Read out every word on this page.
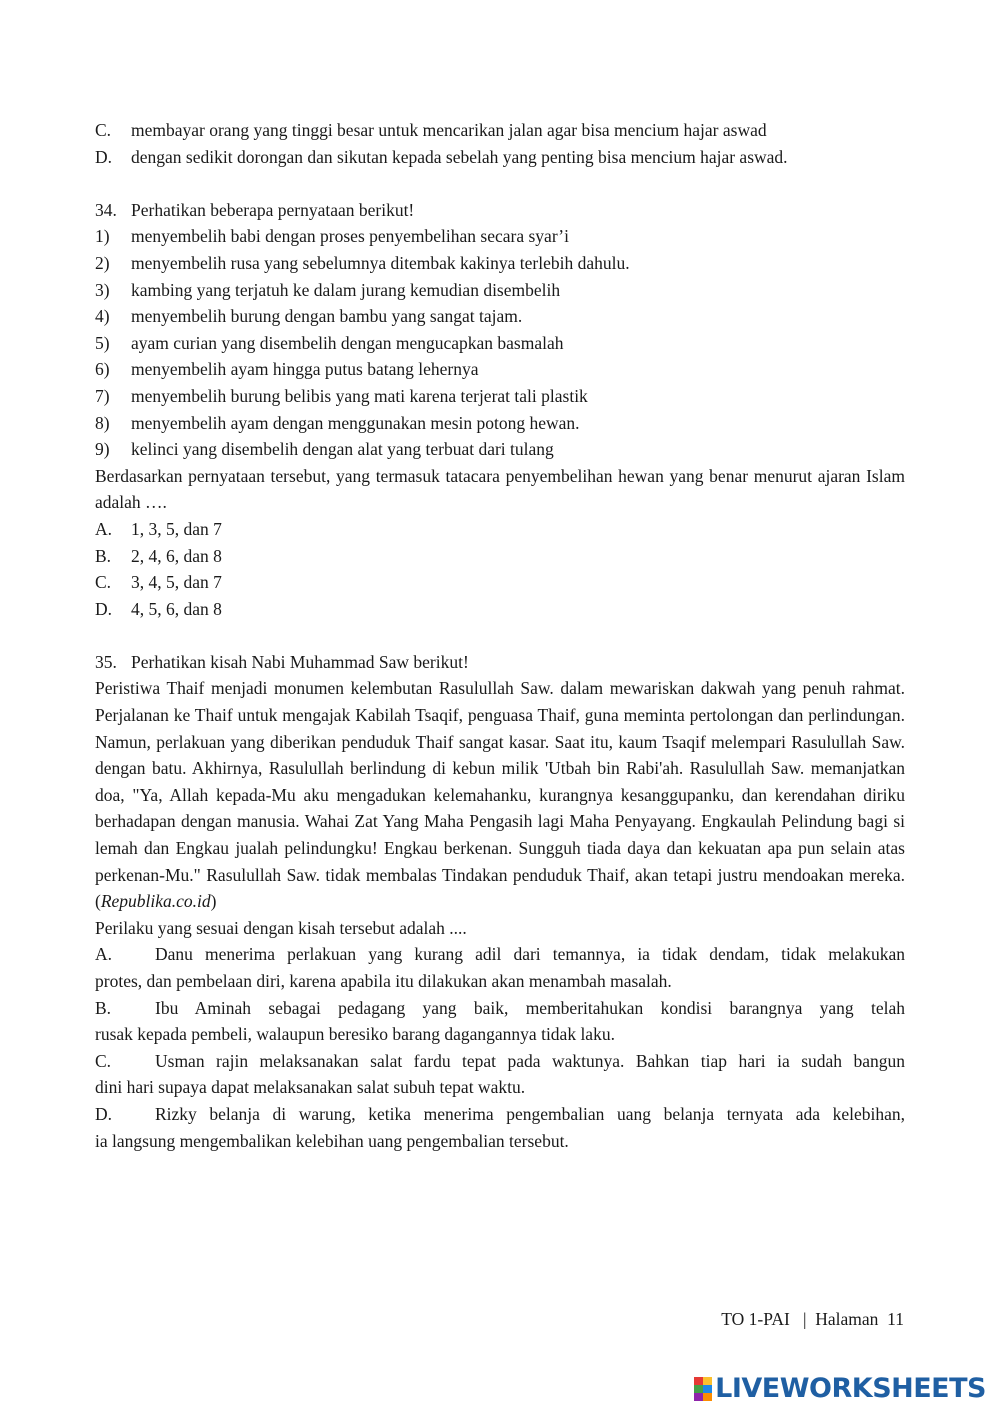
C.	membayar orang yang tinggi besar untuk mencarikan jalan agar bisa mencium hajar aswad
D.	dengan sedikit dorongan dan sikutan kepada sebelah yang penting bisa mencium hajar aswad.
34. Perhatikan beberapa pernyataan berikut!
1)	menyembelih babi dengan proses penyembelihan secara syar’i
2)	menyembelih rusa yang sebelumnya ditembak kakinya terlebih dahulu.
3)	kambing yang terjatuh ke dalam jurang kemudian disembelih
4)	menyembelih burung dengan bambu yang sangat tajam.
5)	ayam curian yang disembelih dengan mengucapkan basmalah
6)	menyembelih ayam hingga putus batang lehernya
7)	menyembelih burung belibis yang mati karena terjerat tali plastik
8)	menyembelih ayam dengan menggunakan mesin potong hewan.
9)	kelinci yang disembelih dengan alat yang terbuat dari tulang
Berdasarkan pernyataan tersebut, yang termasuk tatacara penyembelihan hewan yang benar menurut ajaran Islam adalah ….
A.	1, 3, 5, dan 7
B.	2, 4, 6, dan 8
C.	3, 4, 5, dan 7
D.	4, 5, 6, dan 8
35. Perhatikan kisah Nabi Muhammad Saw berikut!
Peristiwa Thaif menjadi monumen kelembutan Rasulullah Saw. dalam mewariskan dakwah yang penuh rahmat. Perjalanan ke Thaif untuk mengajak Kabilah Tsaqif, penguasa Thaif, guna meminta pertolongan dan perlindungan. Namun, perlakuan yang diberikan penduduk Thaif sangat kasar. Saat itu, kaum Tsaqif melempari Rasulullah Saw. dengan batu. Akhirnya, Rasulullah berlindung di kebun milik 'Utbah bin Rabi'ah. Rasulullah Saw. memanjatkan doa, "Ya, Allah kepada-Mu aku mengadukan kelemahanku, kurangnya kesanggupanku, dan kerendahan diriku berhadapan dengan manusia. Wahai Zat Yang Maha Pengasih lagi Maha Penyayang. Engkaulah Pelindung bagi si lemah dan Engkau jualah pelindungku! Engkau berkenan. Sungguh tiada daya dan kekuatan apa pun selain atas perkenan-Mu." Rasulullah Saw. tidak membalas Tindakan penduduk Thaif, akan tetapi justru mendoakan mereka. (Republika.co.id)
Perilaku yang sesuai dengan kisah tersebut adalah ....
A.	Danu menerima perlakuan yang kurang adil dari temannya, ia tidak dendam, tidak melakukan
protes, dan pembelaan diri, karena apabila itu dilakukan akan menambah masalah.
B.	Ibu Aminah sebagai pedagang yang baik, memberitahukan kondisi barangnya yang telah
rusak kepada pembeli, walaupun beresiko barang dagangannya tidak laku.
C.	Usman rajin melaksanakan salat fardu tepat pada waktunya. Bahkan tiap hari ia sudah bangun
dini hari supaya dapat melaksanakan salat subuh tepat waktu.
D.	Rizky belanja di warung, ketika menerima pengembalian uang belanja ternyata ada kelebihan,
ia langsung mengembalikan kelebihan uang pengembalian tersebut.
TO 1-PAI | Halaman 11
LIVEWORKSHEETS
